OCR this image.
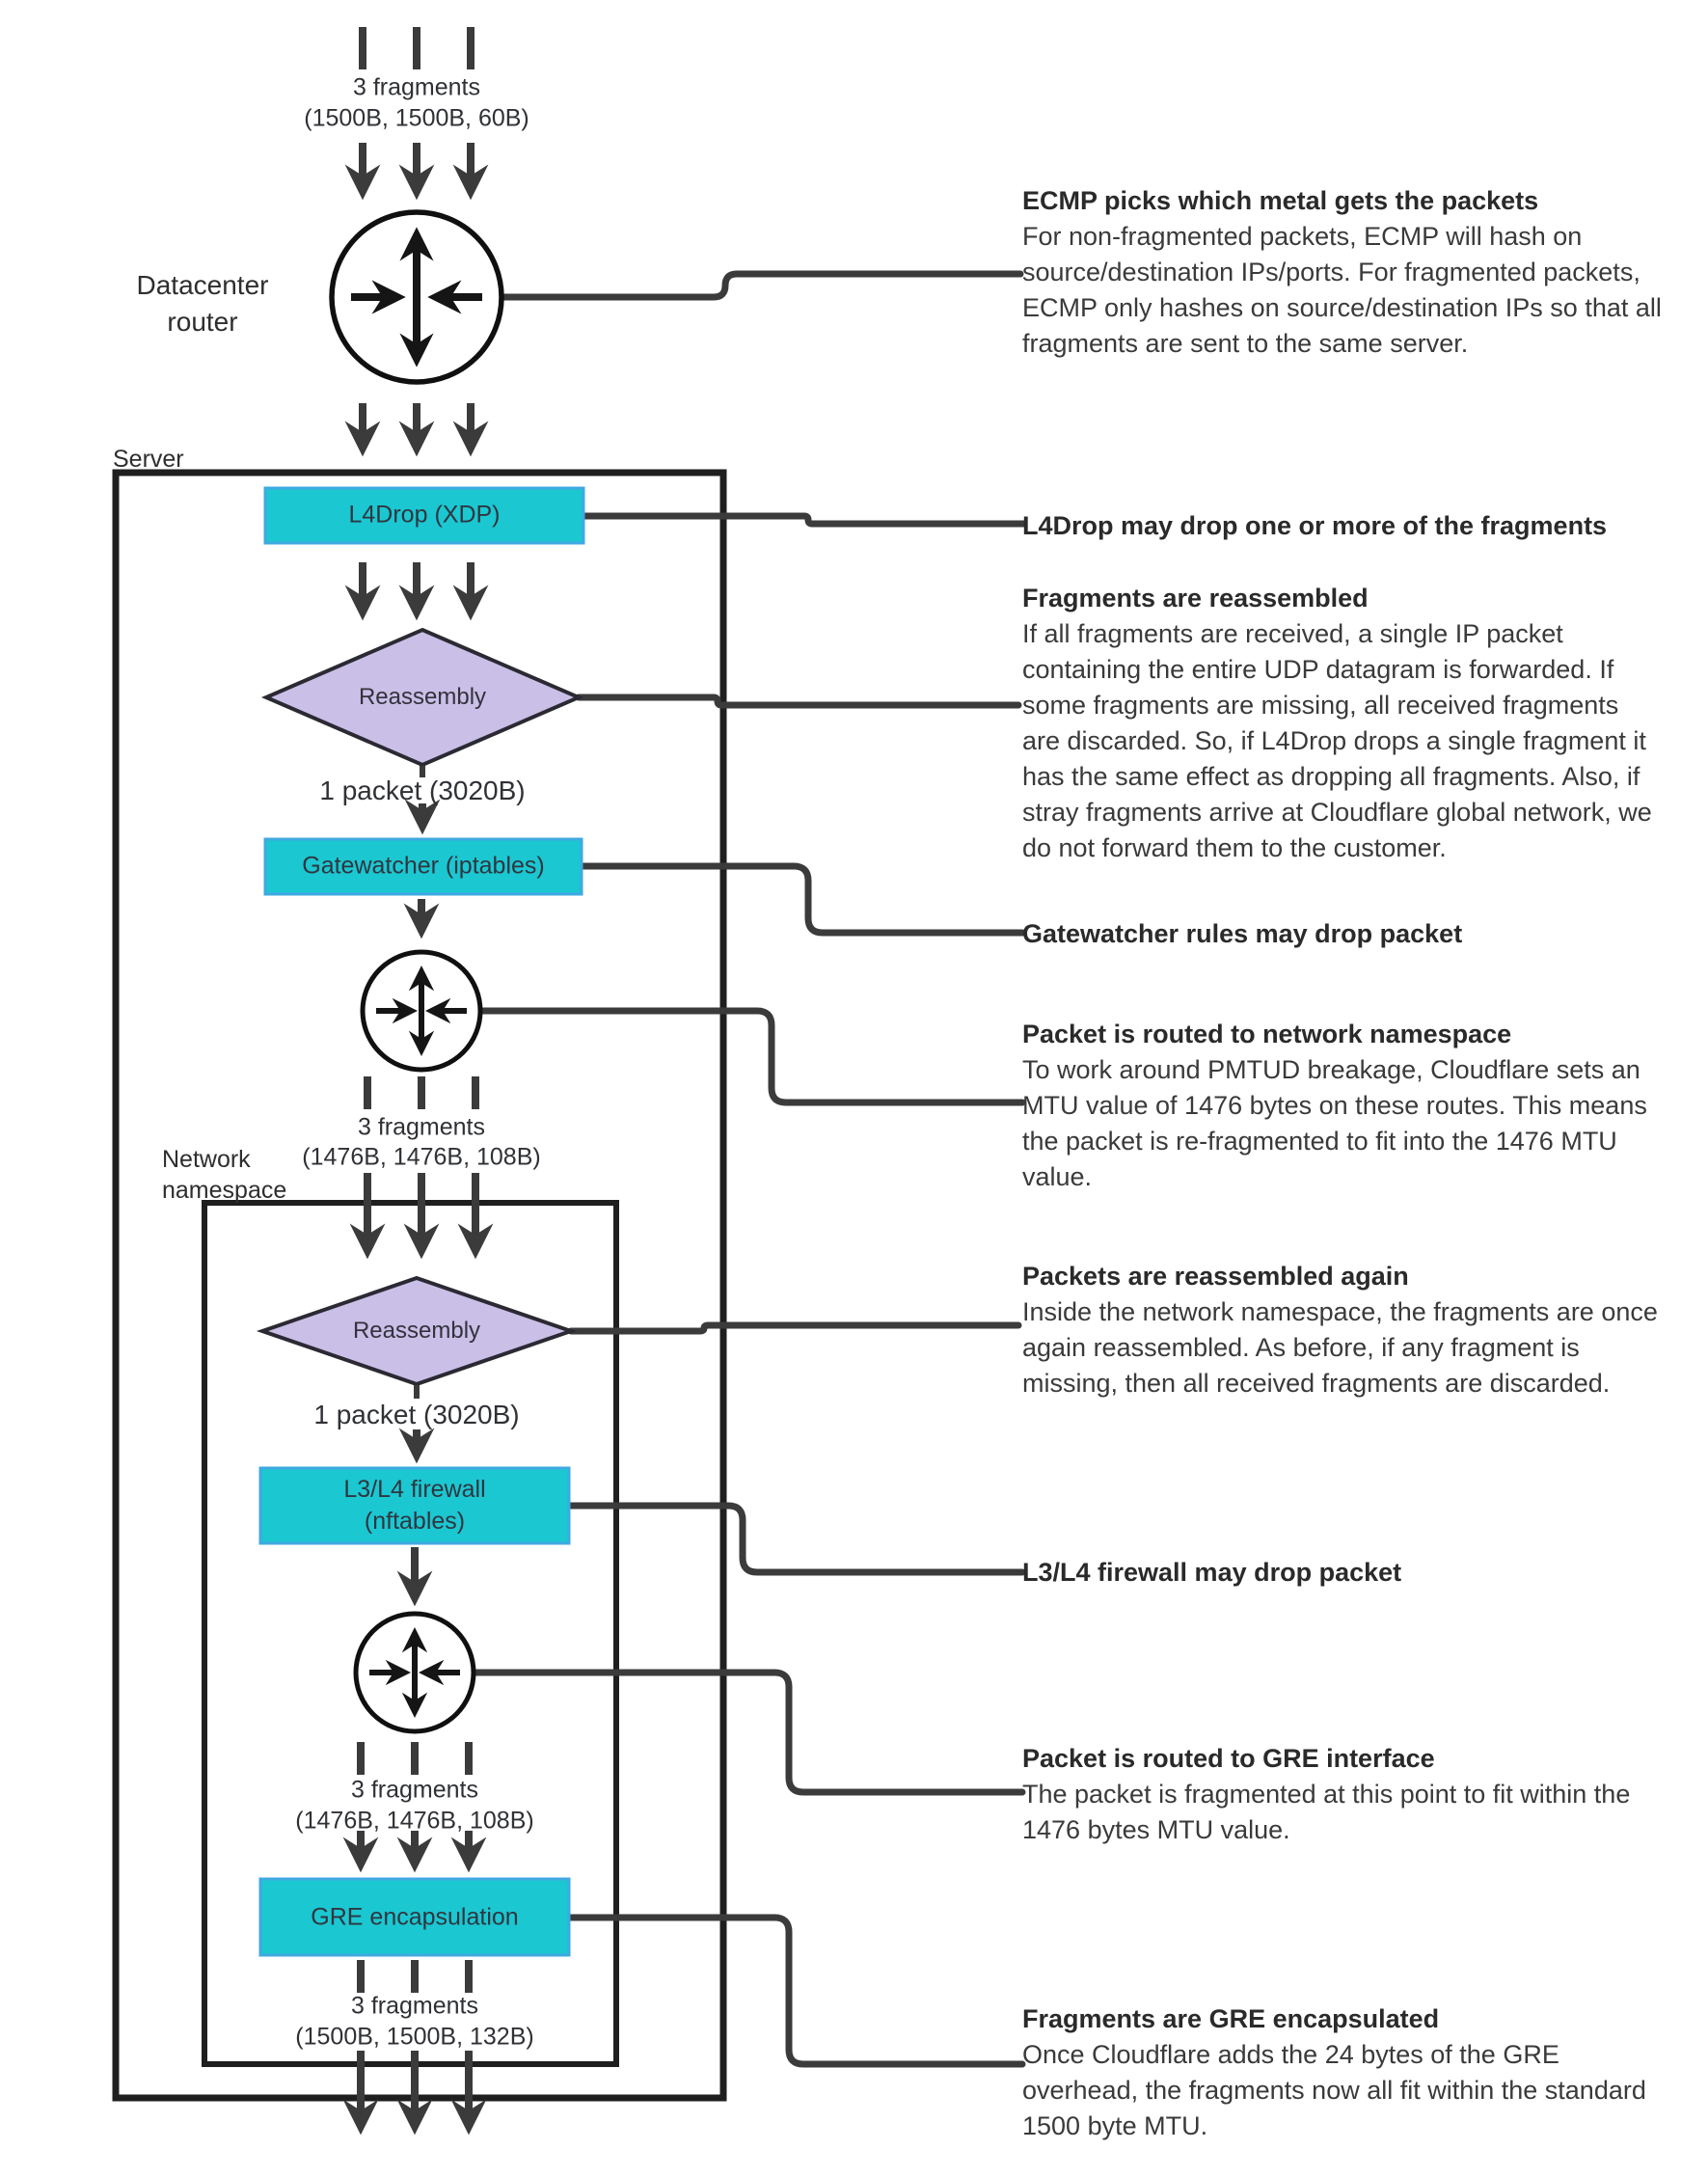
Datacenter
router
Server
Network
namespace
3 fragments
(1500B, 1500B, 60B)
1 packet (3020B)
3 fragments
(1476B, 1476B, 108B)
1 packet (3020B)
3 fragments
(1476B, 1476B, 108B)
3 fragments
(1500B, 1500B, 132B)
L4Drop (XDP)
Reassembly
Gatewatcher (iptables)
Reassembly
L3/L4 firewall
(nftables)
GRE encapsulation
ECMP picks which metal gets the packets
For non-fragmented packets, ECMP will hash on
source/destination IPs/ports. For fragmented packets,
ECMP only hashes on source/destination IPs so that all
fragments are sent to the same server.
L4Drop may drop one or more of the fragments
Fragments are reassembled
If all fragments are received, a single IP packet
containing the entire UDP datagram is forwarded. If
some fragments are missing, all received fragments
are discarded. So, if L4Drop drops a single fragment it
has the same effect as dropping all fragments. Also, if
stray fragments arrive at Cloudflare global network, we
do not forward them to the customer.
Gatewatcher rules may drop packet
Packet is routed to network namespace
To work around PMTUD breakage, Cloudflare sets an
MTU value of 1476 bytes on these routes. This means
the packet is re-fragmented to fit into the 1476 MTU
value.
Packets are reassembled again
Inside the network namespace, the fragments are once
again reassembled. As before, if any fragment is
missing, then all received fragments are discarded.
L3/L4 firewall may drop packet
Packet is routed to GRE interface
The packet is fragmented at this point to fit within the
1476 bytes MTU value.
Fragments are GRE encapsulated
Once Cloudflare adds the 24 bytes of the GRE
overhead, the fragments now all fit within the standard
1500 byte MTU.
